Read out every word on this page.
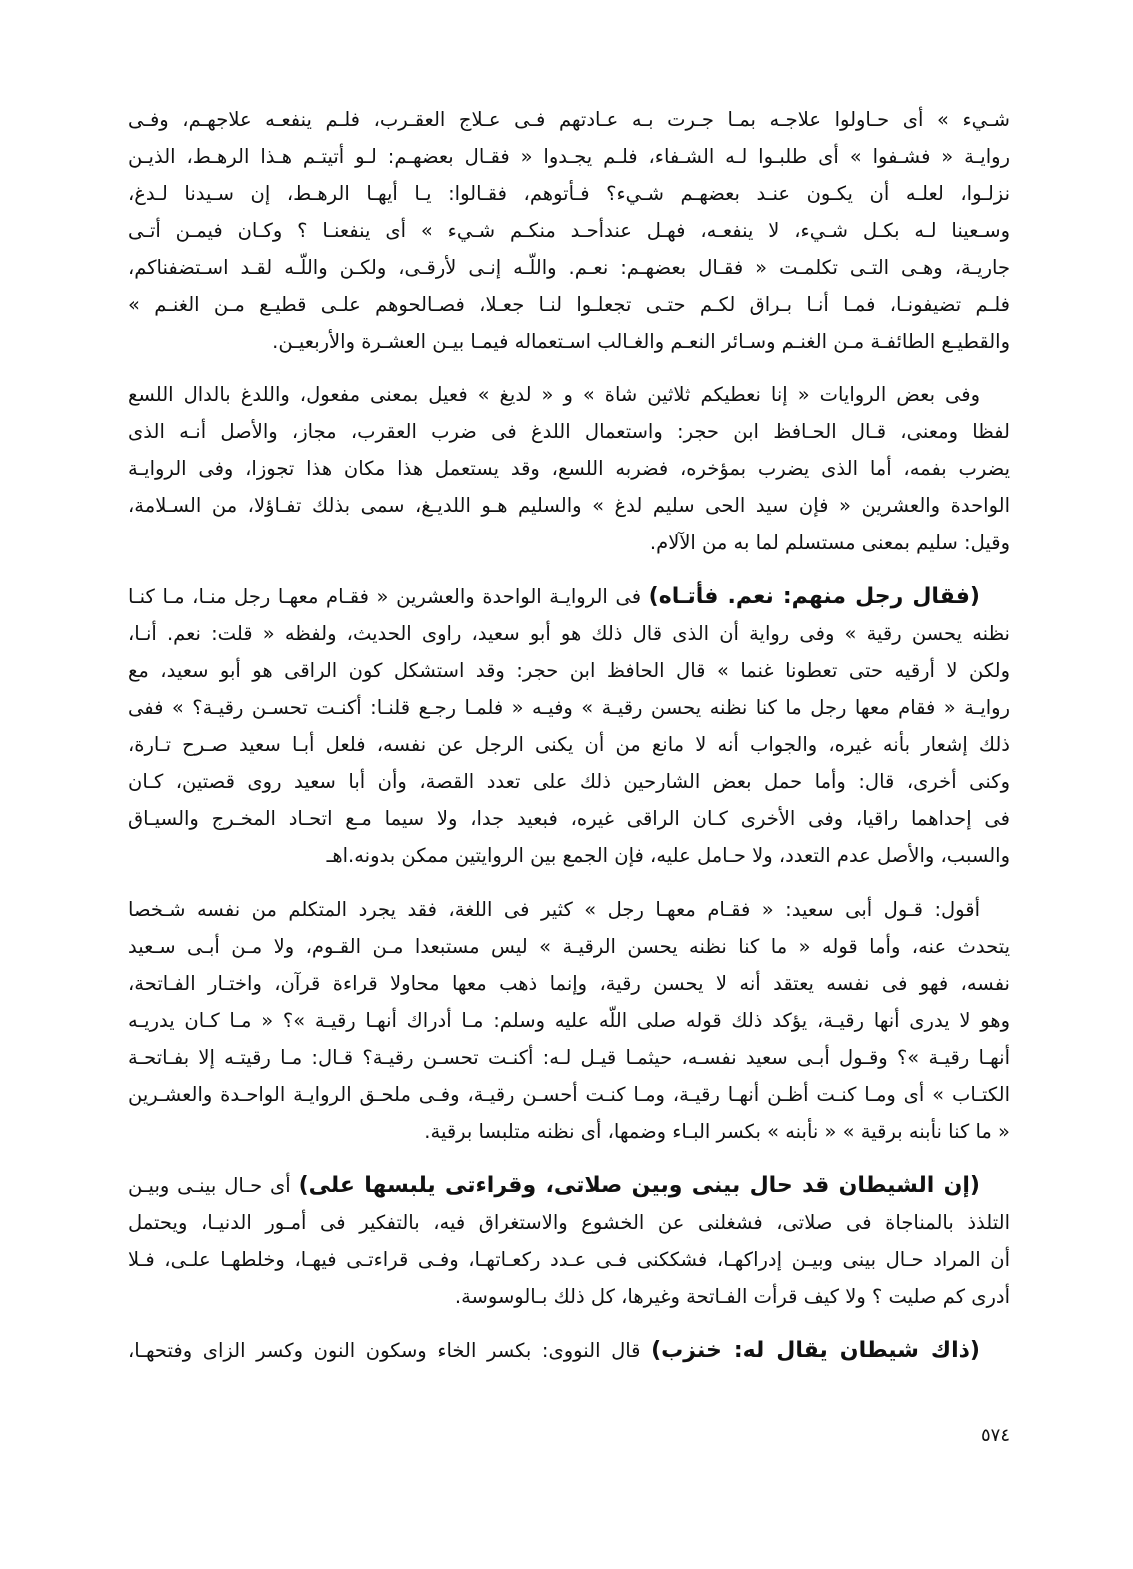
٥٧٤
شـيء » أى حـاولوا علاجـه بمـا جـرت بـه عـادتهم فـى عـلاج العقـرب، فلـم ينفعـه علاجهـم، وفـى
روايـة « فشـفوا » أى طلبـوا لـه الشـفاء، فلـم يجـدوا « فقـال بعضهـم: لـو أتيتـم هـذا الرهـط، الذيـن
نزلـوا، لعلـه أن يكـون عنـد بعضهـم شـيء؟ فـأتوهم، فقـالوا: يـا أيهـا الرهـط، إن سـيدنا لـدغ،
وسـعينا لـه بكـل شـيء، لا ينفعـه، فهـل عندأحـد منكـم شـيء » أى ينفعنـا ؟ وكـان فيمـن أتـى
جاريـة، وهـى التـى تكلمـت « فقـال بعضهـم: نعـم. واللّـه إنـى لأرقـى، ولكـن واللّـه لقـد اسـتضفناكم،
فلـم تضيفونـا، فمـا أنـا بـراق لكـم حتـى تجعلـوا لنـا جعـلا، فصـالحوهم علـى قطيـع مـن الغنـم »
والقطيـع الطائفـة مـن الغنـم وسـائر النعـم والغـالب اسـتعماله فيمـا بيـن العشـرة والأربعيـن.
وفى بعض الروايات « إنا نعطيكم ثلاثين شاة » و « لديغ » فعيل بمعنى مفعول، واللدغ بالدال اللسع
لفظا ومعنى، قـال الحـافظ ابن حجر: واستعمال اللدغ فى ضرب العقرب، مجاز، والأصل أنـه الذى
يضرب بفمه، أما الذى يضرب بمؤخره، فضربه اللسع، وقد يستعمل هذا مكان هذا تجوزا، وفى الروايـة
الواحدة والعشرين « فإن سيد الحى سليم لدغ » والسليم هـو اللديـغ، سمى بذلك تفـاؤلا، من السـلامة،
وقيل: سليم بمعنى مستسلم لما به من الآلام.
(فقال رجل منهم: نعم. فأتـاه) فى الروايـة الواحدة والعشرين « فقـام معهـا رجل منـا، مـا كنـا
نظنه يحسن رقية » وفى رواية أن الذى قال ذلك هو أبو سعيد، راوى الحديث، ولفظه « قلت: نعم. أنـا،
ولكن لا أرقيه حتى تعطونا غنما » قال الحافظ ابن حجر: وقد استشكل كون الراقى هو أبو سعيد، مع
روايـة « فقام معها رجل ما كنا نظنه يحسن رقيـة » وفيـه « فلمـا رجـع قلنـا: أكنـت تحسـن رقيـة؟ » ففى
ذلك إشعار بأنه غيره، والجواب أنه لا مانع من أن يكنى الرجل عن نفسه، فلعل أبـا سعيد صـرح تـارة،
وكنى أخرى، قال: وأما حمل بعض الشارحين ذلك على تعدد القصة، وأن أبا سعيد روى قصتين، كـان
فى إحداهما راقيا، وفى الأخرى كـان الراقى غيره، فبعيد جدا، ولا سيما مـع اتحـاد المخـرج والسيـاق
والسبب، والأصل عدم التعدد، ولا حـامل عليه، فإن الجمع بين الروايتين ممكن بدونه.اهـ
أقول: قـول أبى سعيد: « فقـام معهـا رجل » كثير فى اللغة، فقد يجرد المتكلم من نفسه شـخصا
يتحدث عنه، وأما قوله « ما كنا نظنه يحسن الرقيـة » ليس مستبعدا مـن القـوم، ولا مـن أبـى سـعيد
نفسه، فهو فى نفسه يعتقد أنه لا يحسن رقية، وإنما ذهب معها محاولا قراءة قرآن، واختـار الفـاتحة،
وهو لا يدرى أنها رقيـة، يؤكد ذلك قوله صلى اللّه عليه وسلم: مـا أدراك أنهـا رقيـة »؟ « مـا كـان يدريـه
أنهـا رقيـة »؟ وقـول أبـى سعيد نفسـه، حيثمـا قيـل لـه: أكنـت تحسـن رقيـة؟ قـال: مـا رقيتـه إلا بفـاتحـة
الكتـاب » أى ومـا كنـت أظـن أنهـا رقيـة، ومـا كنـت أحسـن رقيـة، وفـى ملحـق الروايـة الواحـدة والعشـرين
« ما كنا نأبنه برقية » « نأبنه » بكسر البـاء وضمها، أى نظنه متلبسا برقية.
(إن الشيطان قد حال بينى وبين صلاتى، وقراءتى يلبسها على) أى حـال بينـى وبيـن
التلذذ بالمناجاة فى صلاتى، فشغلنى عن الخشوع والاستغراق فيه، بالتفكير فى أمـور الدنيـا، ويحتمل
أن المراد حـال بينى وبيـن إدراكهـا، فشككنى فـى عـدد ركعـاتهـا، وفـى قراءتـى فيهـا، وخلطهـا علـى، فـلا
أدرى كم صليت ؟ ولا كيف قرأت الفـاتحة وغيرها، كل ذلك بـالوسوسة.
(ذاك شيطان يقال له: خنزب) قال النووى: بكسر الخاء وسكون النون وكسر الزاى وفتحهـا،
